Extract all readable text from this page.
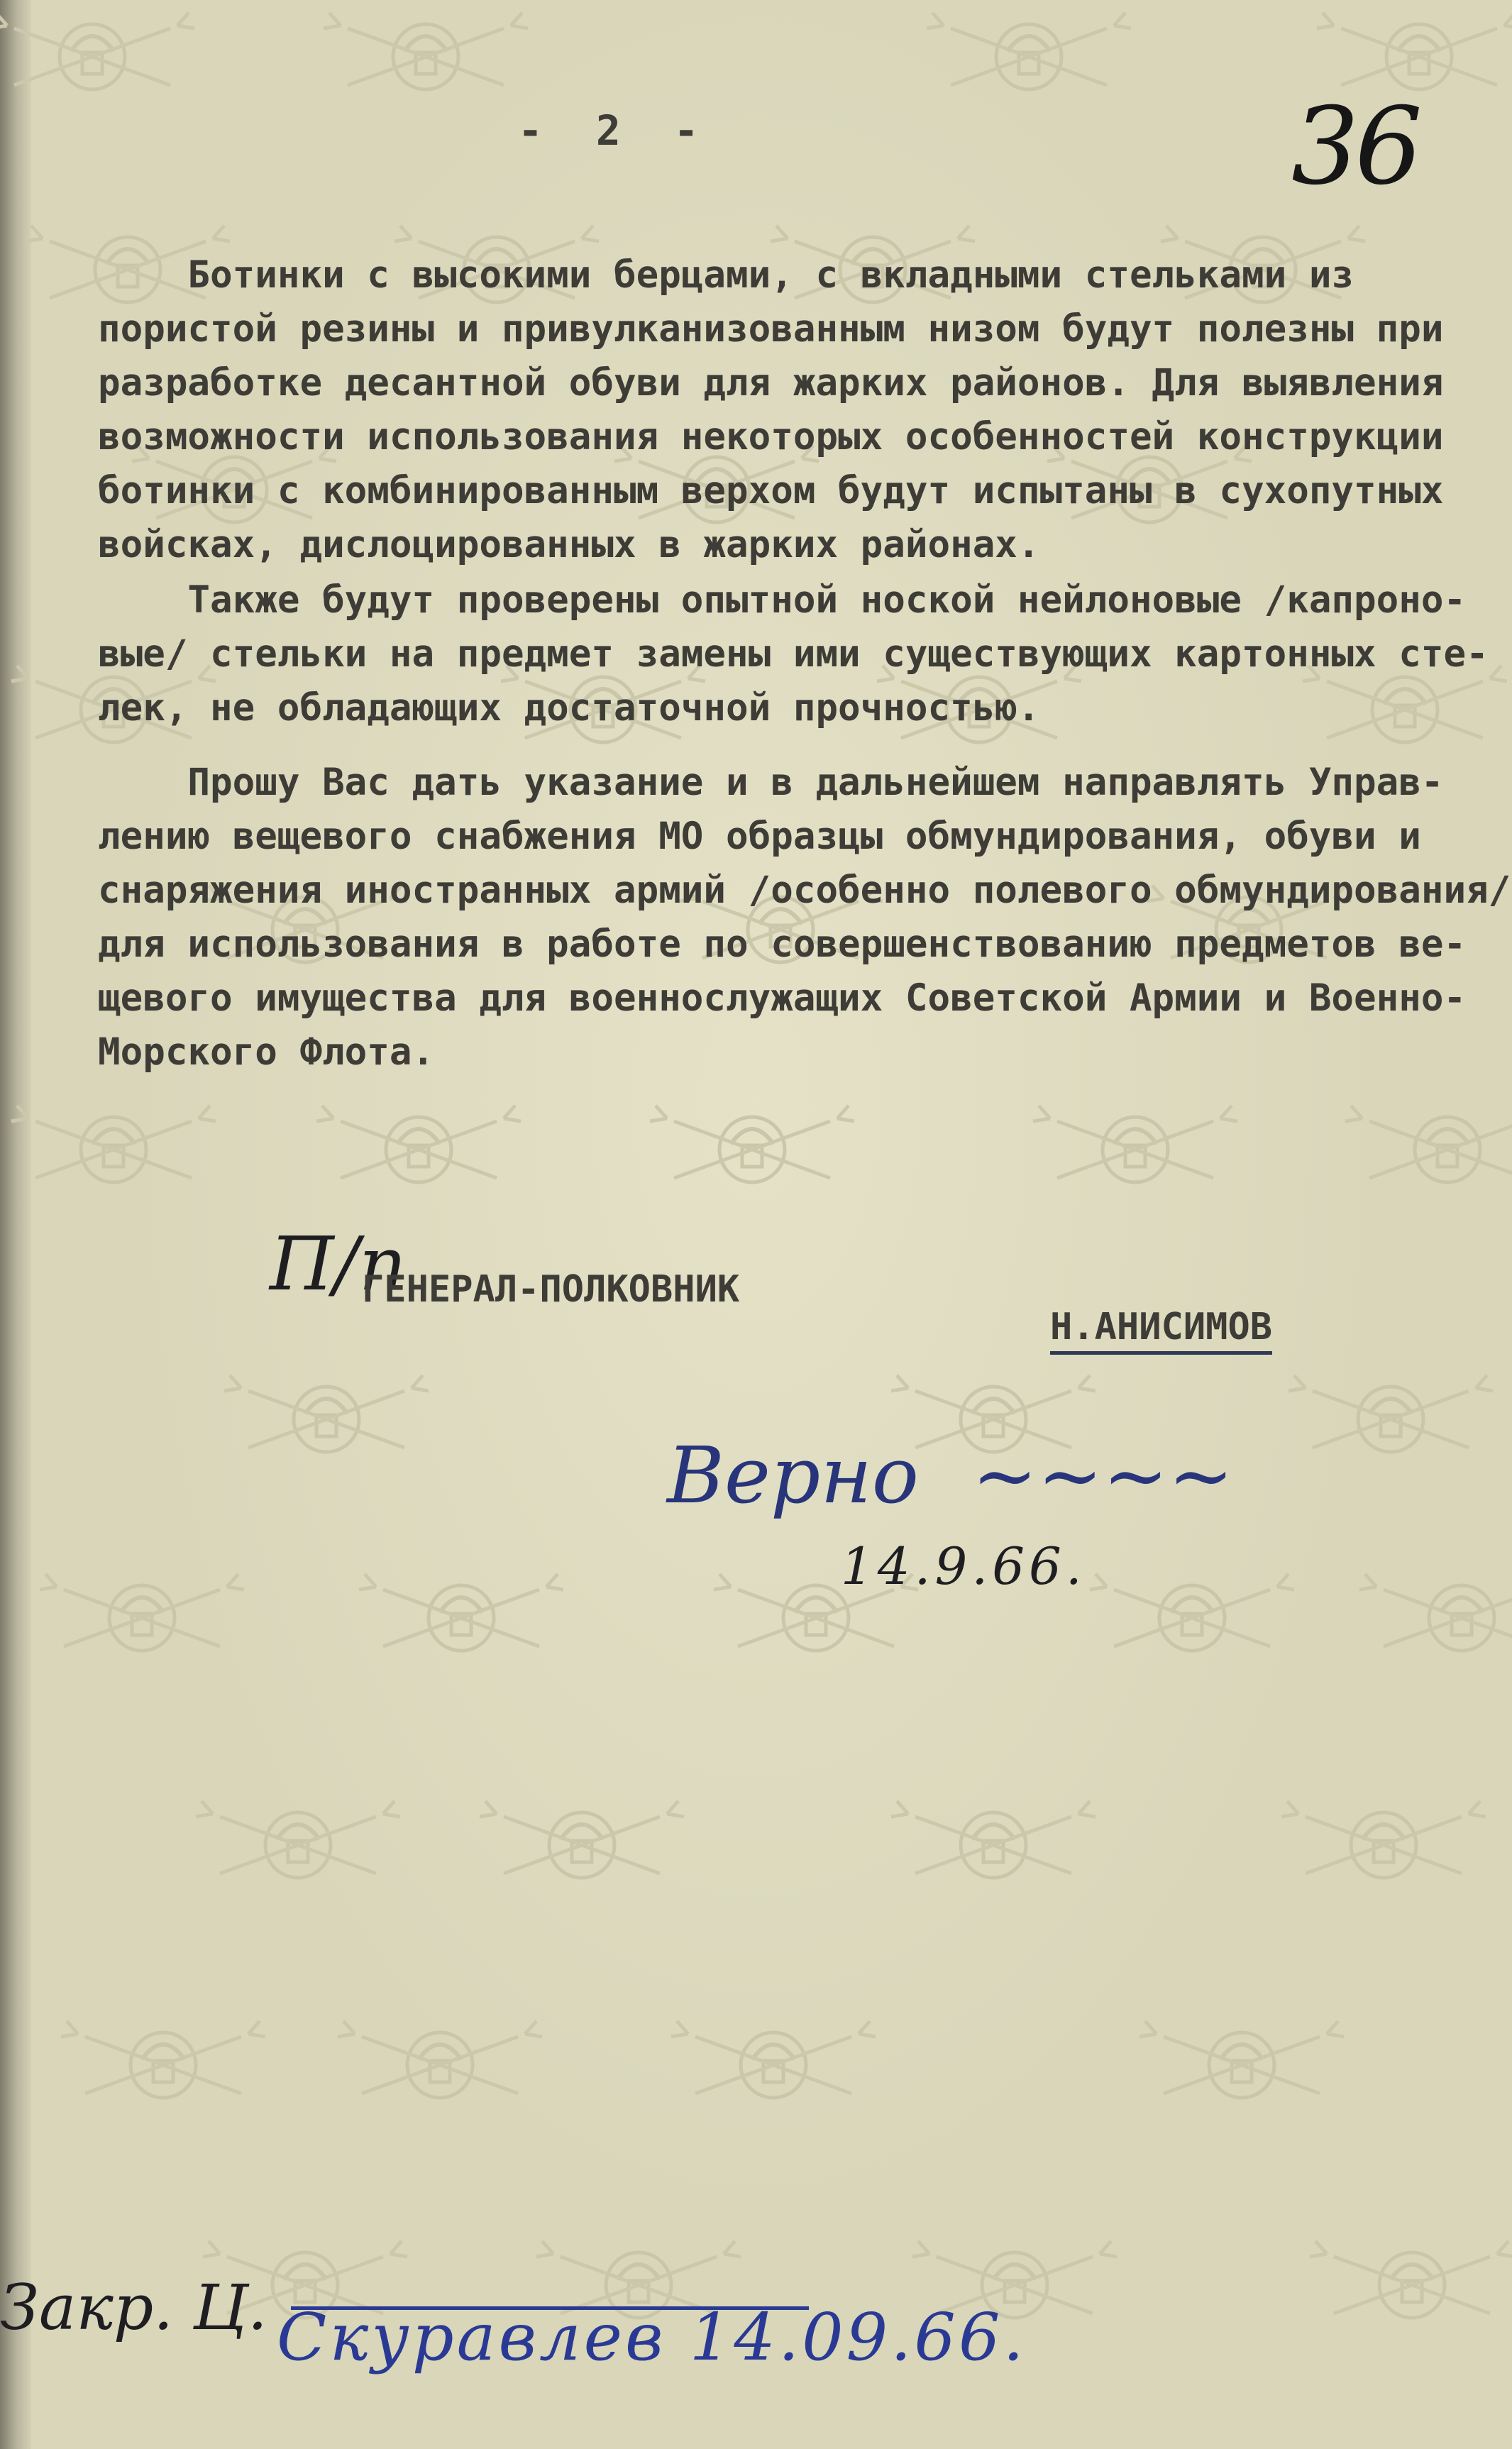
- 2 -	36

Ботинки с высокими берцами, с вкладными стельками из
пористой резины и привулканизованным низом будут полезны при
разработке десантной обуви для жарких районов. Для выявления
возможности использования некоторых особенностей конструкции
ботинки с комбинированным верхом будут испытаны в сухопутных
войсках, дислоцированных в жарких районах.

Также будут проверены опытной ноской нейлоновые /капроно-
вые/ стельки на предмет замены ими существующих картонных сте-
лек, не обладающих достаточной прочностью.

Прошу Вас дать указание и в дальнейшем направлять Управ-
лению вещевого снабжения МО образцы обмундирования, обуви и
снаряжения иностранных армий /особенно полевого обмундирования/
для использования в работе по совершенствованию предметов ве-
щевого имущества для военнослужащих Советской Армии и Военно-
Морского Флота.

П/п
ГЕНЕРАЛ-ПОЛКОВНИК
Н.АНИСИМОВ
Верно ~~~~
14.9.66.
Закр. Ц. Скуравлев 14.09.66.
